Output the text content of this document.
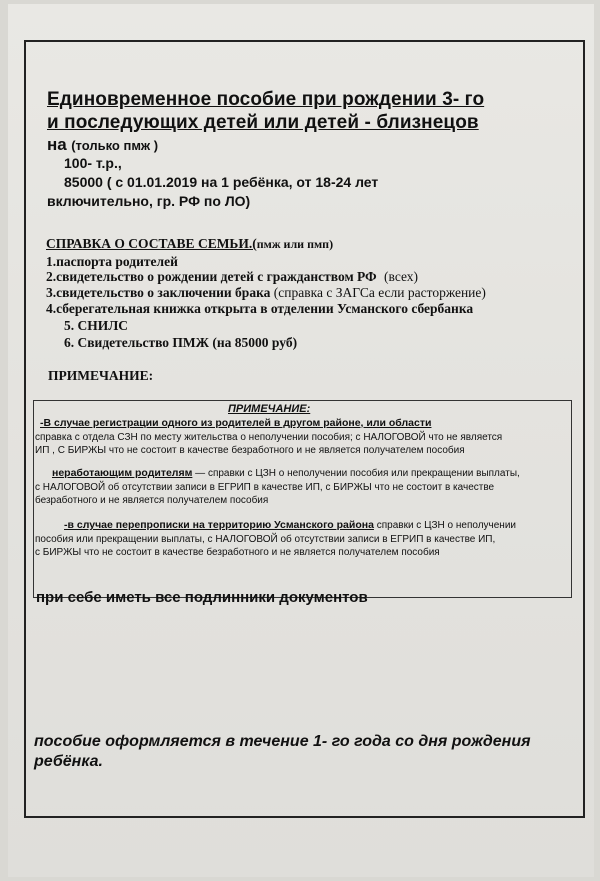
Единовременное пособие при рождении 3- го
и последующих детей или детей - близнецов
на (только пмж )
100- т.р.,
85000 ( с 01.01.2019 на 1 ребёнка, от 18-24 лет
включительно, гр. РФ по ЛО)
СПРАВКА О СОСТАВЕ СЕМЬИ.(пмж или пмп)
1.паспорта родителей
2.свидетельство о рождении детей с гражданством РФ (всех)
3.свидетельство о заключении брака (справка с ЗАГСа если расторжение)
4.сберегательная книжка открыта в отделении Усманского сбербанка
5. СНИЛС
6. Свидетельство ПМЖ (на 85000 руб)
ПРИМЕЧАНИЕ:
ПРИМЕЧАНИЕ:
-В случае регистрации одного из родителей в другом районе, или области
справка с отдела СЗН по месту жительства о неполучении пособия; с НАЛОГОВОЙ что не является
ИП , С БИРЖЫ что не состоит в качестве безработного и не является получателем пособия
неработающим родителям — справки с ЦЗН о неполучении пособия или прекращении выплаты,
с НАЛОГОВОЙ об отсутствии записи в ЕГРИП в качестве ИП, с БИРЖЫ что не состоит в качестве
безработного и не является получателем пособия
-в случае перепрописки на территорию Усманского района справки с ЦЗН о неполучении
пособия или прекращении выплаты, с НАЛОГОВОЙ об отсутствии записи в ЕГРИП в качестве ИП,
с БИРЖЫ что не состоит в качестве безработного и не является получателем пособия
при себе иметь все подлинники документов
пособие оформляется в течение 1- го года со дня рождения
ребёнка.
